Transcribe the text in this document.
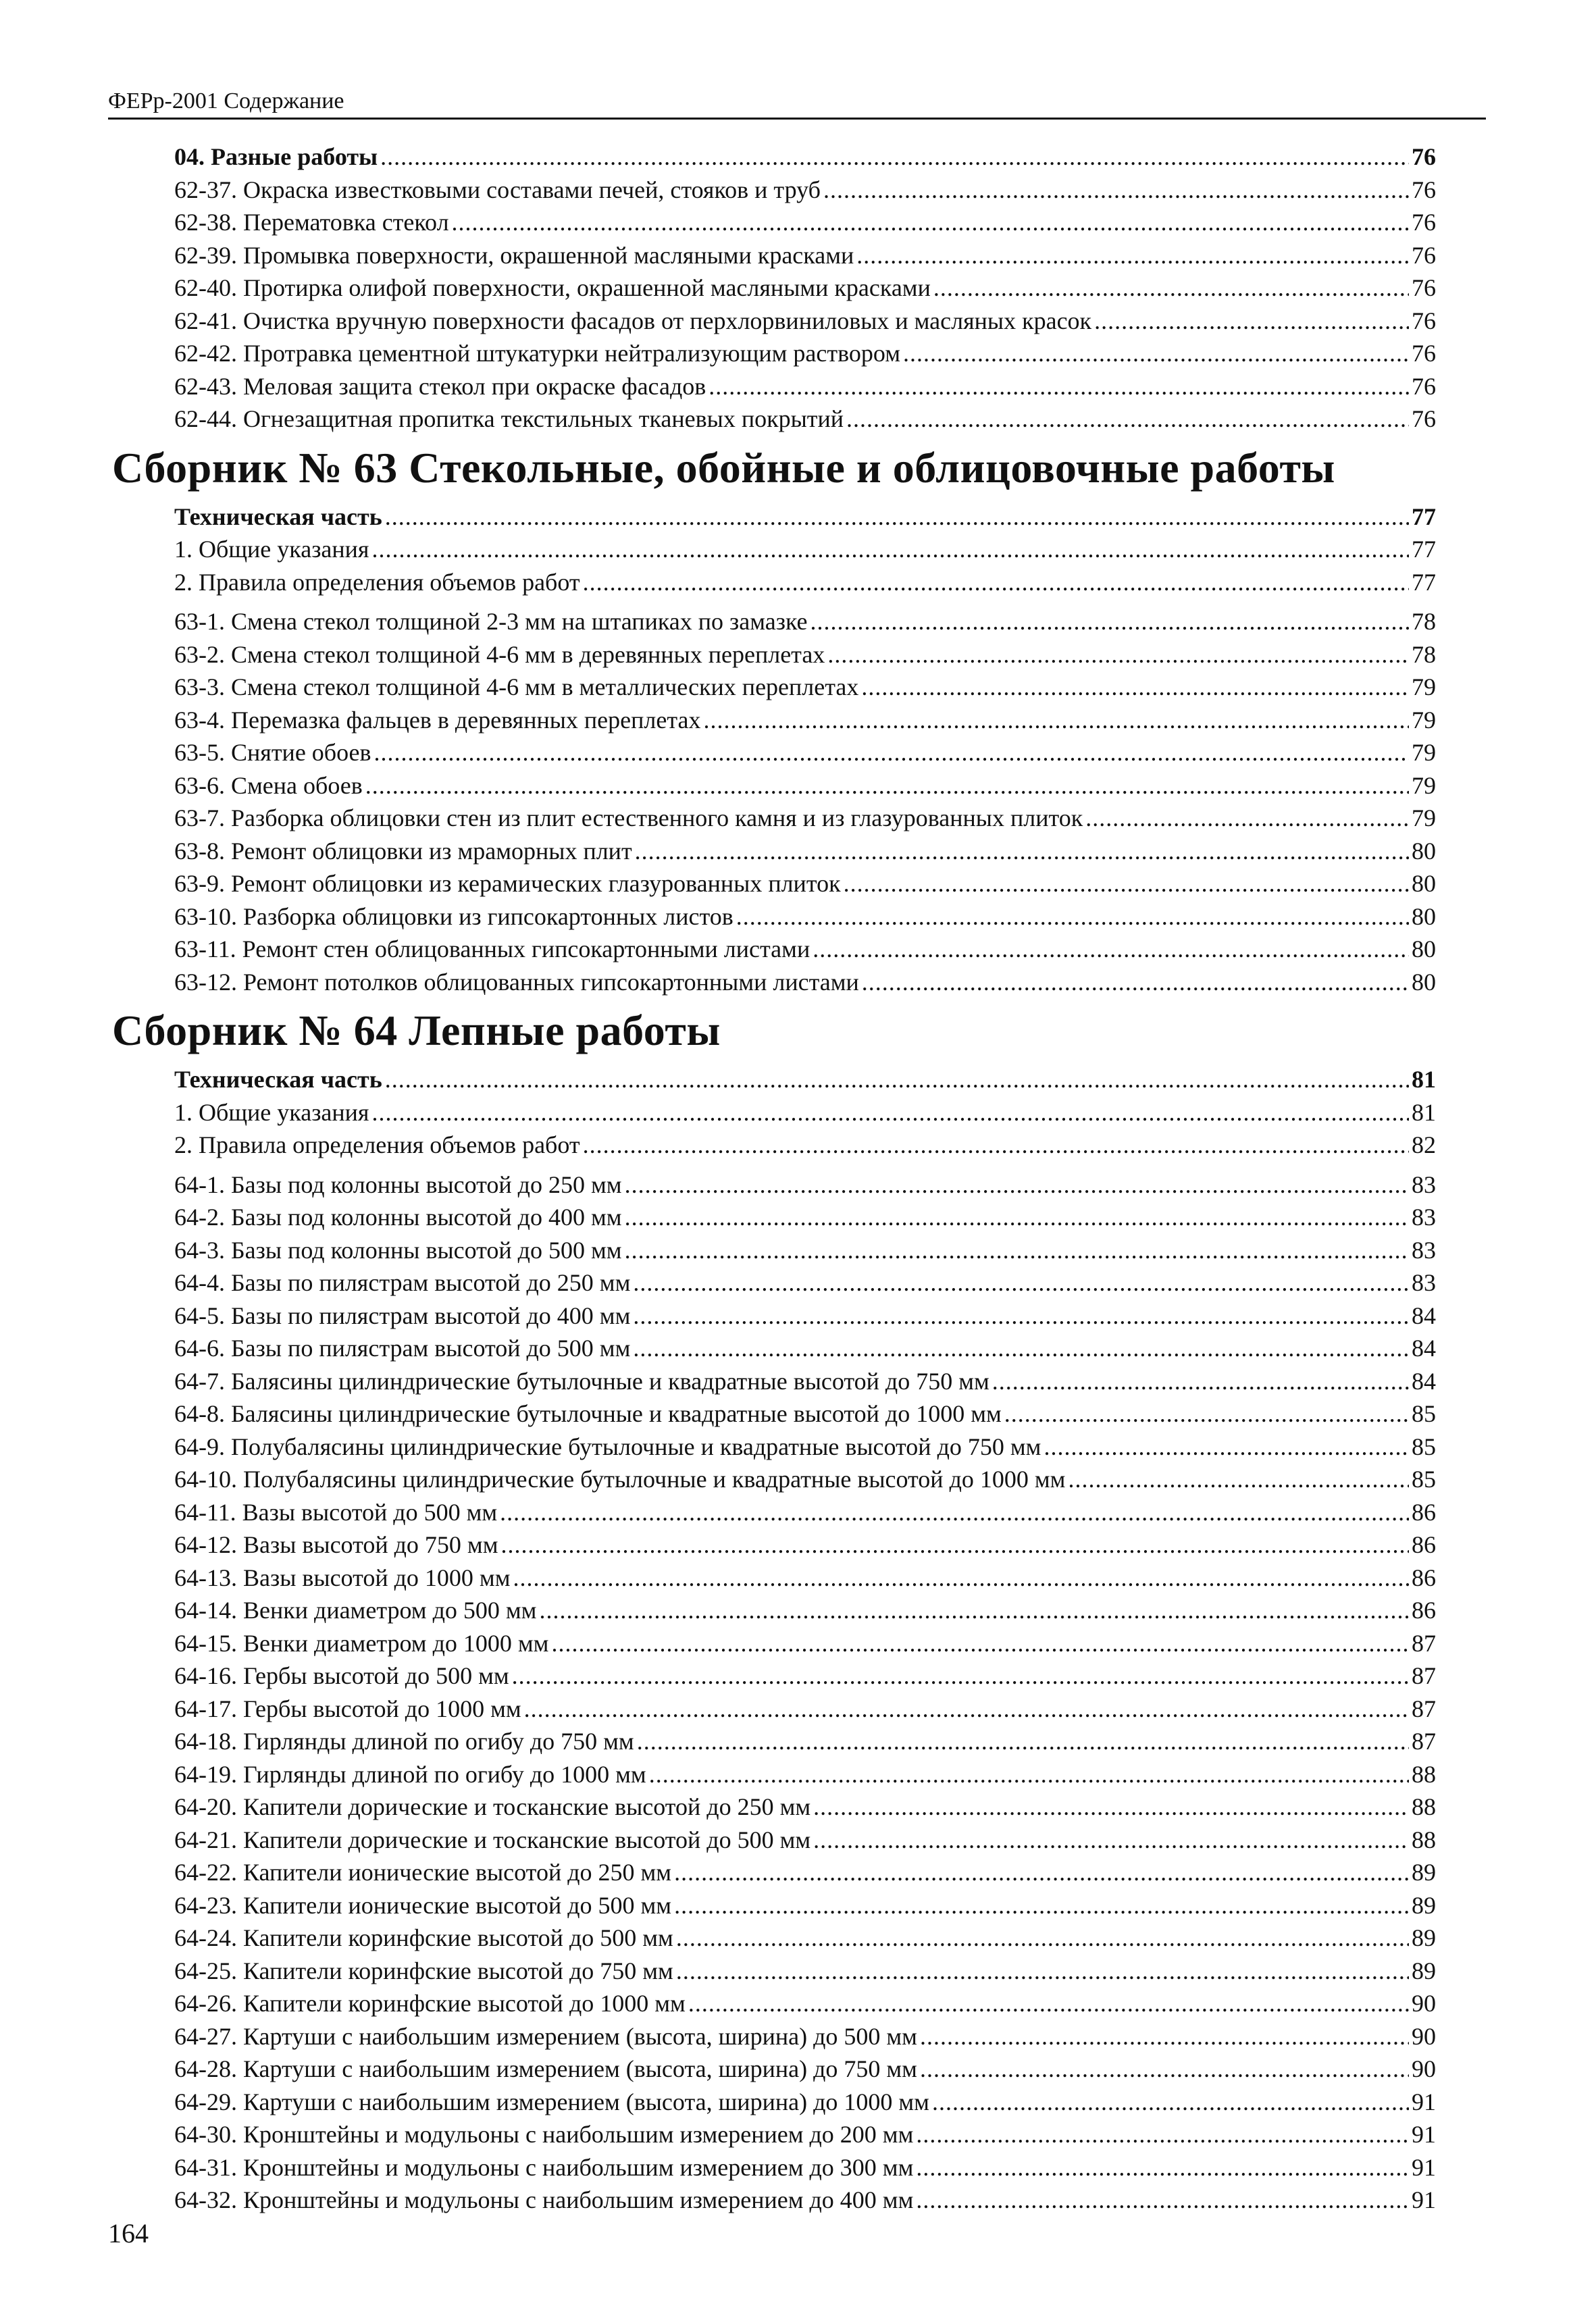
ФЕРр-2001 Содержание
04. Разные работы .....	76
62-37. Окраска известковыми составами печей, стояков и труб .....	76
62-38. Перематовка стекол .....	76
62-39. Промывка поверхности, окрашенной масляными красками .....	76
62-40. Протирка олифой поверхности, окрашенной масляными красками .....	76
62-41. Очистка вручную поверхности фасадов от перхлорвиниловых и масляных красок .....	76
62-42. Протравка цементной штукатурки нейтрализующим раствором .....	76
62-43. Меловая защита стекол при окраске фасадов .....	76
62-44. Огнезащитная пропитка текстильных тканевых покрытий .....	76
Сборник № 63 Стекольные, обойные и облицовочные работы
Техническая часть .....	77
1. Общие указания .....	77
2. Правила определения объемов работ .....	77
63-1. Смена стекол толщиной 2-3 мм на штапиках по замазке .....	78
63-2. Смена стекол толщиной 4-6 мм в деревянных переплетах .....	78
63-3. Смена стекол толщиной 4-6 мм в металлических переплетах .....	79
63-4. Перемазка фальцев в деревянных переплетах .....	79
63-5. Снятие обоев .....	79
63-6. Смена обоев .....	79
63-7. Разборка облицовки стен из плит естественного камня и из глазурованных плиток .....	79
63-8. Ремонт облицовки из мраморных плит .....	80
63-9. Ремонт облицовки из керамических глазурованных плиток .....	80
63-10. Разборка облицовки из гипсокартонных листов .....	80
63-11. Ремонт стен облицованных гипсокартонными листами .....	80
63-12. Ремонт потолков облицованных гипсокартонными листами .....	80
Сборник № 64 Лепные работы
Техническая часть .....	81
1. Общие указания .....	81
2. Правила определения объемов работ .....	82
64-1. Базы под колонны высотой до 250 мм .....	83
64-2. Базы под колонны высотой до 400 мм .....	83
64-3. Базы под колонны высотой до 500 мм .....	83
64-4. Базы по пилястрам высотой до 250 мм .....	83
64-5. Базы по пилястрам высотой до 400 мм .....	84
64-6. Базы по пилястрам высотой до 500 мм .....	84
64-7. Балясины цилиндрические бутылочные и квадратные высотой до 750 мм .....	84
64-8. Балясины цилиндрические бутылочные и квадратные высотой до 1000 мм .....	85
64-9. Полубалясины цилиндрические бутылочные и квадратные высотой до 750 мм .....	85
64-10. Полубалясины цилиндрические бутылочные и квадратные высотой до 1000 мм .....	85
64-11. Вазы высотой до 500 мм .....	86
64-12. Вазы высотой до 750 мм .....	86
64-13. Вазы высотой до 1000 мм .....	86
64-14. Венки диаметром до 500 мм .....	86
64-15. Венки диаметром до 1000 мм .....	87
64-16. Гербы высотой до 500 мм .....	87
64-17. Гербы высотой до 1000 мм .....	87
64-18. Гирлянды длиной по огибу до 750 мм .....	87
64-19. Гирлянды длиной по огибу до 1000 мм .....	88
64-20. Капители дорические и тосканские высотой до 250 мм .....	88
64-21. Капители дорические и тосканские высотой до 500 мм .....	88
64-22. Капители ионические высотой до 250 мм .....	89
64-23. Капители ионические высотой до 500 мм .....	89
64-24. Капители коринфские высотой до 500 мм .....	89
64-25. Капители коринфские высотой до 750 мм .....	89
64-26. Капители коринфские высотой до 1000 мм .....	90
64-27. Картуши с наибольшим измерением (высота, ширина) до 500 мм .....	90
64-28. Картуши с наибольшим измерением (высота, ширина) до 750 мм .....	90
64-29. Картуши с наибольшим измерением (высота, ширина) до 1000 мм .....	91
64-30. Кронштейны и модульоны с наибольшим измерением до 200 мм .....	91
64-31. Кронштейны и модульоны с наибольшим измерением до 300 мм .....	91
64-32. Кронштейны и модульоны с наибольшим измерением до 400 мм .....	91
164
